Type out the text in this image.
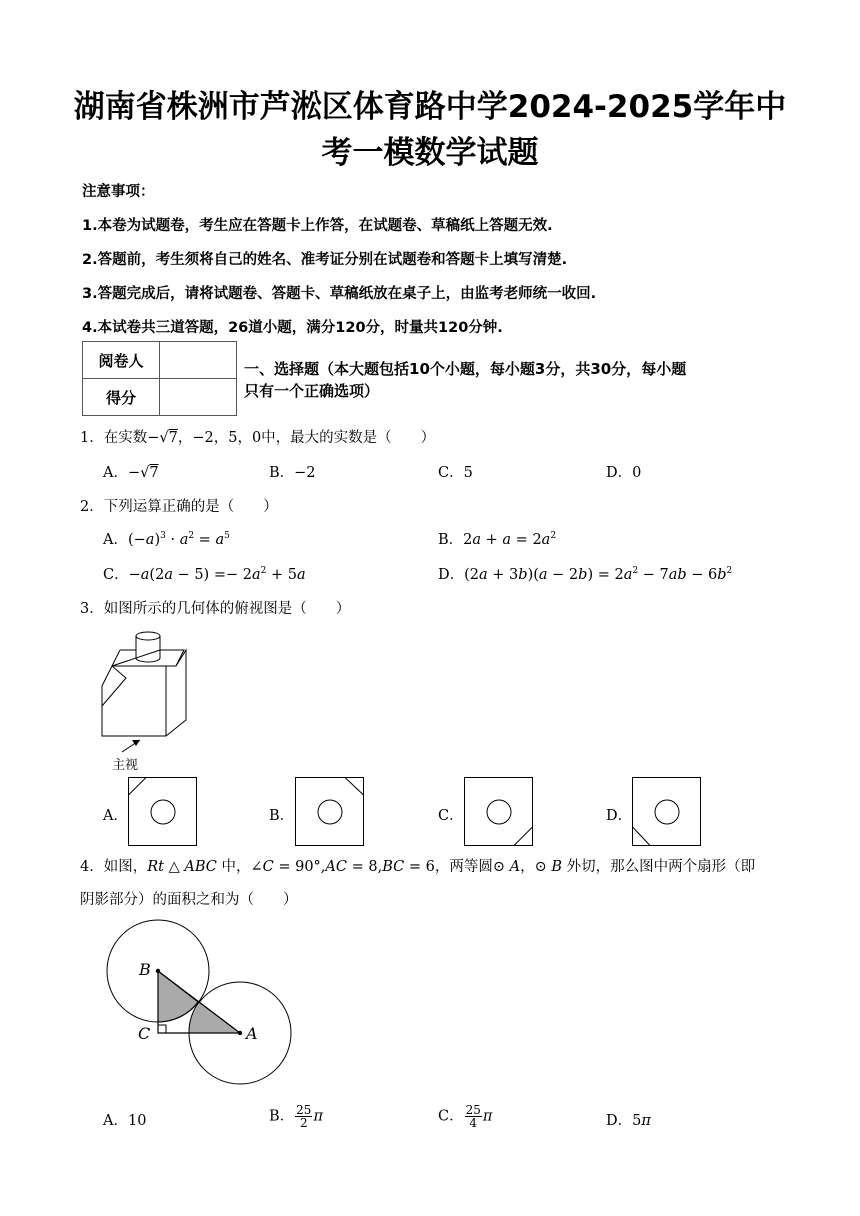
湖南省株洲市芦淞区体育路中学2024-2025学年中
考一模数学试题
注意事项：
1.本卷为试题卷，考生应在答题卡上作答，在试题卷、草稿纸上答题无效.
2.答题前，考生须将自己的姓名、准考证分别在试题卷和答题卡上填写清楚.
3.答题完成后，请将试题卷、答题卡、草稿纸放在桌子上，由监考老师统一收回.
4.本试卷共三道答题，26道小题，满分120分，时量共120分钟.
阅卷人	
得分	
一、选择题（本大题包括10个小题，每小题3分，共30分，每小题
只有一个正确选项）
1．在实数−√7，−2，5，0中，最大的实数是（　　）
A．−√7	B．−2	C．5	D．0
2．下列运算正确的是（　　）
A．$(-a)^3 \cdot a^2 = a^5$	B．$2a + a = 2a^2$
C．$-a(2a - 5) =- 2a^2 + 5a$	D．$(2a + 3b)(a - 2b) = 2a^2 - 7ab - 6b^2$
3．如图所示的几何体的俯视图是（　　）
主视
A．	B．	C．	D．
4．如图，Rt △ ABC 中，∠C = 90°,AC = 8,BC = 6，两等圆⊙ A，⊙ B 外切，那么图中两个扇形（即
阴影部分）的面积之和为（　　）
B
C	A
A．10	B． $\frac{25}{2}$ π	C． $\frac{25}{4}$ π	D．5π
